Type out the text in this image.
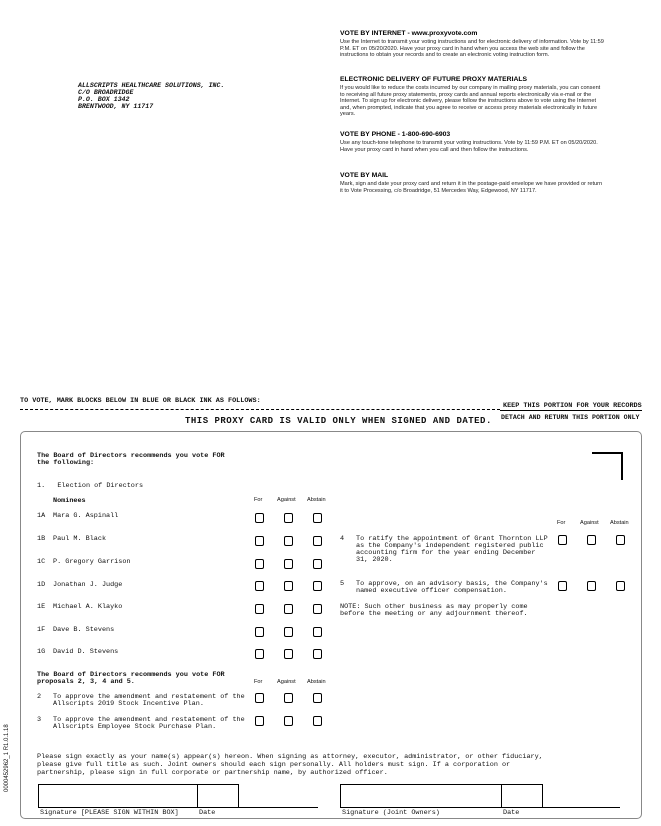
ALLSCRIPTS HEALTHCARE SOLUTIONS, INC.
C/O BROADRIDGE
P.O. BOX 1342
BRENTWOOD, NY 11717
VOTE BY INTERNET - www.proxyvote.com

Use the Internet to transmit your voting instructions and for electronic delivery of information. Vote by 11:59 P.M. ET on 05/20/2020. Have your proxy card in hand when you access the web site and follow the instructions to obtain your records and to create an electronic voting instruction form.

ELECTRONIC DELIVERY OF FUTURE PROXY MATERIALS

If you would like to reduce the costs incurred by our company in mailing proxy materials, you can consent to receiving all future proxy statements, proxy cards and annual reports electronically via e-mail or the Internet. To sign up for electronic delivery, please follow the instructions above to vote using the Internet and, when prompted, indicate that you agree to receive or access proxy materials electronically in future years.

VOTE BY PHONE - 1-800-690-6903

Use any touch-tone telephone to transmit your voting instructions. Vote by 11:59 P.M. ET on 05/20/2020. Have your proxy card in hand when you call and then follow the instructions.

VOTE BY MAIL

Mark, sign and date your proxy card and return it in the postage-paid envelope we have provided or return it to Vote Processing, c/o Broadridge, 51 Mercedes Way, Edgewood, NY 11717.

TO VOTE, MARK BLOCKS BELOW IN BLUE OR BLACK INK AS FOLLOWS:
KEEP THIS PORTION FOR YOUR RECORDS
THIS PROXY CARD IS VALID ONLY WHEN SIGNED AND DATED. DETACH AND RETURN THIS PORTION ONLY
The Board of Directors recommends you vote FOR
the following:
1.   Election of Directors
Nominees	For	Against Abstain
1A Mara G. Aspinall
1B Paul M. Black
1C P. Gregory Garrison
1D Jonathan J. Judge
1E Michael A. Klayko
1F Dave B. Stevens
1G David D. Stevens
The Board of Directors recommends you vote FOR
proposals 2, 3, 4 and 5.	For	Against Abstain
2 To approve the amendment and restatement of the
Allscripts 2019 Stock Incentive Plan.
3 To approve the amendment and restatement of the
Allscripts Employee Stock Purchase Plan.
For	Against Abstain
4 To ratify the appointment of Grant Thornton LLP
as the Company's independent registered public
accounting firm for the year ending December
31, 2020.
5 To approve, on an advisory basis, the Company's
named executive officer compensation.
NOTE: Such other business as may properly come
before the meeting or any adjournment thereof.
Please sign exactly as your name(s) appear(s) hereon. When signing as attorney, executor, administrator, or other fiduciary,
please give full title as such. Joint owners should each sign personally. All holders must sign. If a corporation or
partnership, please sign in full corporate or partnership name, by authorized officer.
Signature [PLEASE SIGN WITHIN BOX]	Date	Signature (Joint Owners)	Date
0000452962_1 R1.0.1.18
